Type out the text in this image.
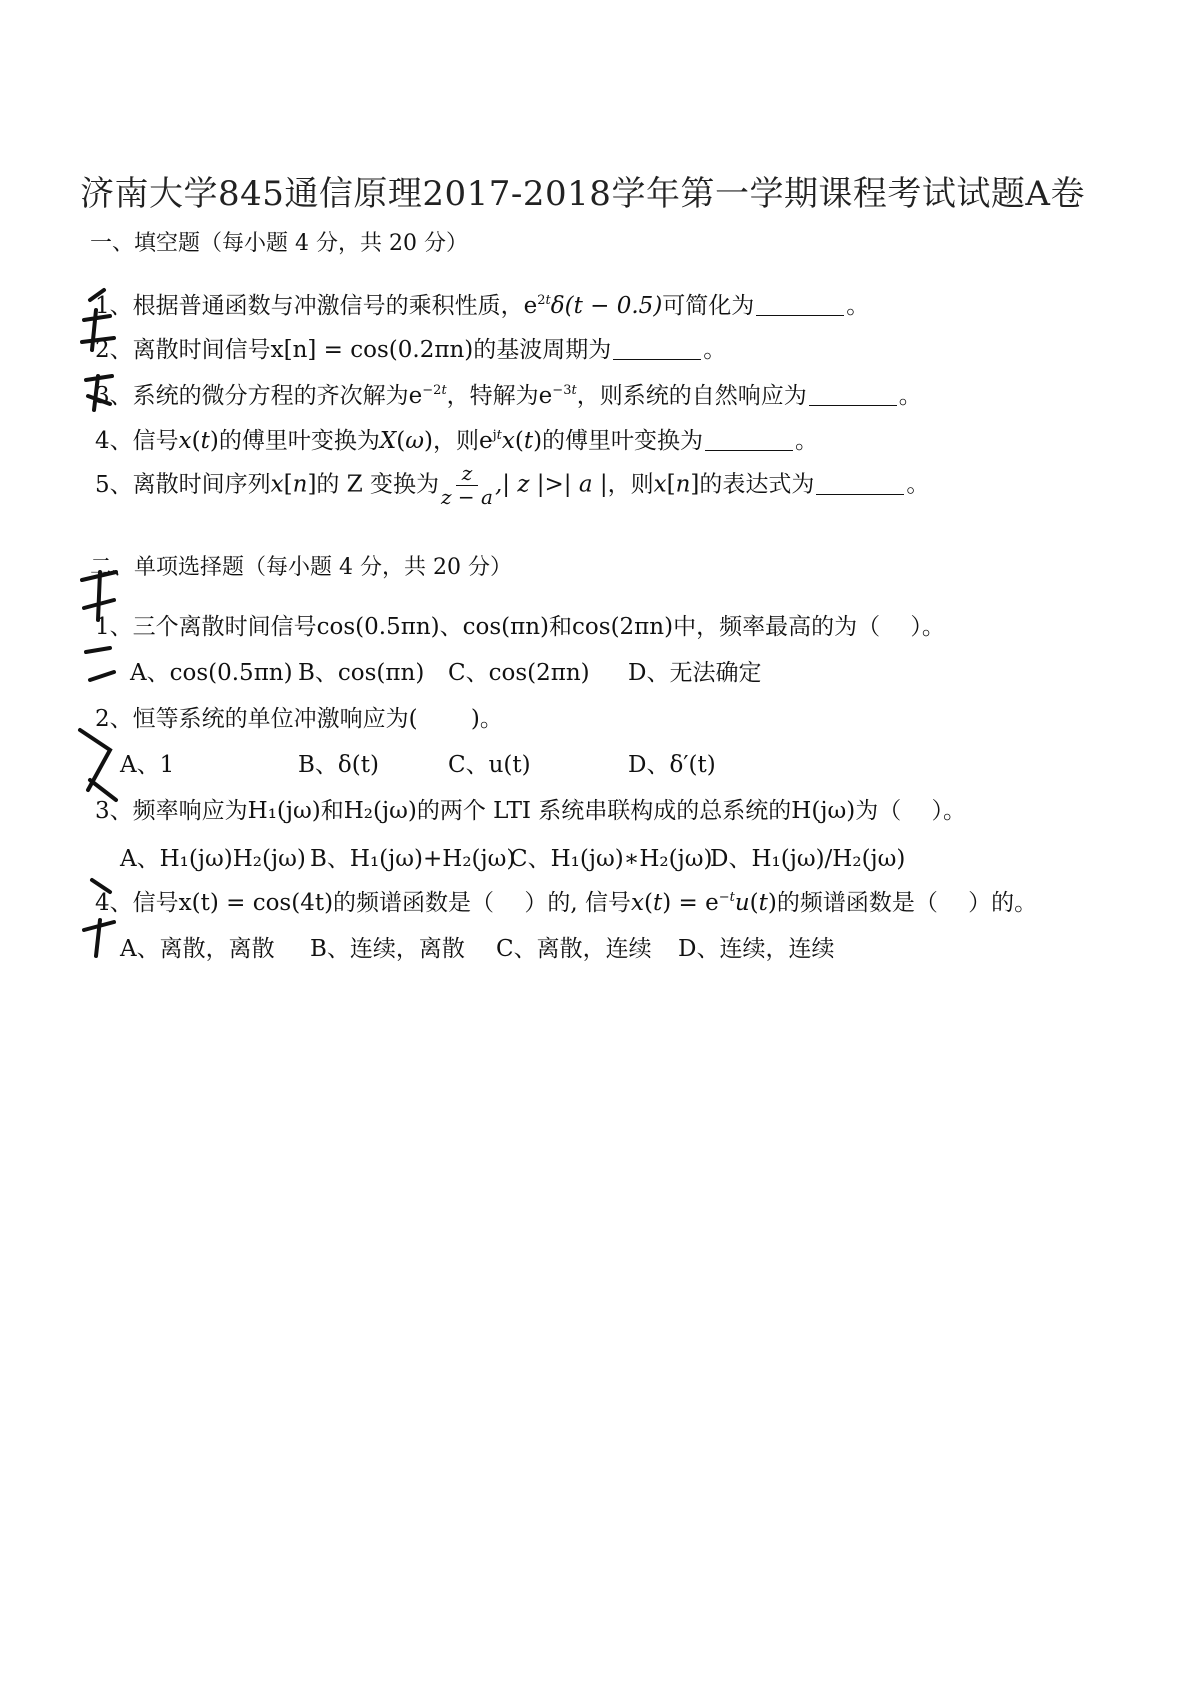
济南大学845通信原理2017-2018学年第一学期课程考试试题A卷
一、填空题（每小题 4 分，共 20 分）
1、根据普通函数与冲激信号的乘积性质，$e^{2t}\delta(t - 0.5)$可简化为	。
2、离散时间信号x[n] = cos(0.2πn)的基波周期为	。
3、系统的微分方程的齐次解为$e^{-2t}$，特解为$e^{-3t}$，则系统的自然响应为	。
4、信号x(t)的傅里叶变换为X(ω)，则$e^{jt}x(t)$的傅里叶变换为	。
5、离散时间序列x[n]的 Z 变换为 $\frac{z}{z - a}$ ,| z |>| a |，则x[n]的表达式为	。
二、单项选择题（每小题 4 分，共 20 分）
1、三个离散时间信号cos(0.5πn)、cos(πn)和cos(2πn)中，频率最高的为（　 ）。
A、cos(0.5πn) B、cos(πn) C、cos(2πn) D、无法确定
2、恒等系统的单位冲激响应为(　　 )。
A、1	B、δ(t)	C、u(t)	D、δ′(t)
3、频率响应为H₁(jω)和H₂(jω)的两个 LTI 系统串联构成的总系统的H(jω)为（　 ）。
A、H₁(jω)H₂(jω) B、H₁(jω)+H₂(jω)C、H₁(jω)∗H₂(jω)D、H₁(jω)/H₂(jω)
4、信号x(t) = cos(4t)的频谱函数是（　 ）的, 信号$x(t) = e^{-t}u(t)$的频谱函数是（　 ）的。
A、离散，离散 B、连续，离散 C、离散，连续 D、连续，连续
